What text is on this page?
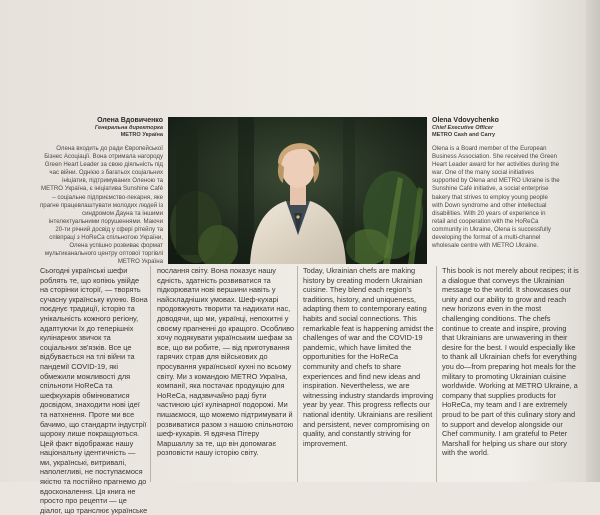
Олена Вдовиченко
Генеральна директорка
METRO Україна
Олена входить до ради Європейської Бізнес Асоціації. Вона отримала нагороду Green Heart Leader за свою діяльність під час війни. Однією з багатьох соціальних ініціатив, підтримуваних Оленою та METRO Україна, є ініціатива Sunshine Café – соціальне підприємство-пекарня, яке прагне працевлаштувати молодих людей із синдромом Дауна та іншими інтелектуальними порушеннями. Маючи 20-ти річний досвід у сфері рітейлу та співпраці з HoReCa спільнотою України, Олена успішно розвиває формат мультиканального центру оптової торгівлі METRO Україна
Olena Vdovychenko
Chief Executive Officer
METRO Cash and Carry
Olena is a Board member of the European Business Association. She received the Green Heart Leader award for her activities during the war. One of the many social initiatives supported by Olena and METRO Ukraine is the Sunshine Café initiative, a social enterprise bakery that strives to employ young people with Down syndrome and other intellectual disabilities. With 20 years of experience in retail and cooperation with the HoReCa community in Ukraine, Olena is successfully developing the format of a multi-channel wholesale centre with METRO Ukraine.

Сьогодні українські шефи роблять те, що копіюь увійде на сторінки історії, — творять сучасну українську кухню. Вона поєднує традиції, історію та унікальність кожного регіону, адаптуючи їх до теперішніх кулінарних звичок та соціальних зв'язків. Все це відбувається на тлі війни та пандемії COVID-19, які обмежили можливості для спільноти HoReCa та шефкухарів обмінюватися досвідом, знаходити нові ідеї та натхнення. Проте ми все бачимо, що стандарти індустрії щороку лише покращуються. Цей факт відображає нашу національну ідентичність — ми, українські, витривалі, наполегливі, не поступаємося якістю та постійно прагнемо до вдосконалення. Ця книга не просто про рецепти — це діалог, що транслює українське

послання світу. Вона показує нашу єдність, здатність розвиватися та підкорювати нові вершини навіть у найскладніших умовах. Шеф-кухарі продовжують творити та надихати нас, доводячи, що ми, українці, непохитні у своєму прагненні до кращого. Особливо хочу подякувати українським шефам за все, що ви робите, — від приготування гарячих страв для військових до просування української кухні по всьому світу. Ми з командою METRO Україна, компанії, яка постачає продукцію для HoReCa, надзвичайно раді бути частиною цієї кулінарної подорожі. Ми пишаємося, що можемо підтримувати й розвиватися разом з нашою спільнотою шеф-кухарів. Я вдячна Пітеру Маршаллу за те, що він допомагає розповісти нашу історію світу.

Today, Ukrainian chefs are making history by creating modern Ukrainian cuisine. They blend each region's traditions, history, and uniqueness, adapting them to contemporary eating habits and social connections. This remarkable feat is happening amidst the challenges of war and the COVID-19 pandemic, which have limited the opportunities for the HoReCa community and chefs to share experiences and find new ideas and inspiration. Nevertheless, we are witnessing industry standards improving year by year. This progress reflects our national identity. Ukrainians are resilient and persistent, never compromising on quality, and constantly striving for improvement.

This book is not merely about recipes; it is a dialogue that conveys the Ukrainian message to the world. It showcases our unity and our ability to grow and reach new horizons even in the most challenging conditions. The chefs continue to create and inspire, proving that Ukrainians are unwavering in their desire for the best. I would especially like to thank all Ukrainian chefs for everything you do—from preparing hot meals for the military to promoting Ukrainian cuisine worldwide. Working at METRO Ukraine, a company that supplies products for HoReCa, my team and I are extremely proud to be part of this culinary story and to support and develop alongside our Chef community. I am grateful to Peter Marshall for helping us share our story with the world.
